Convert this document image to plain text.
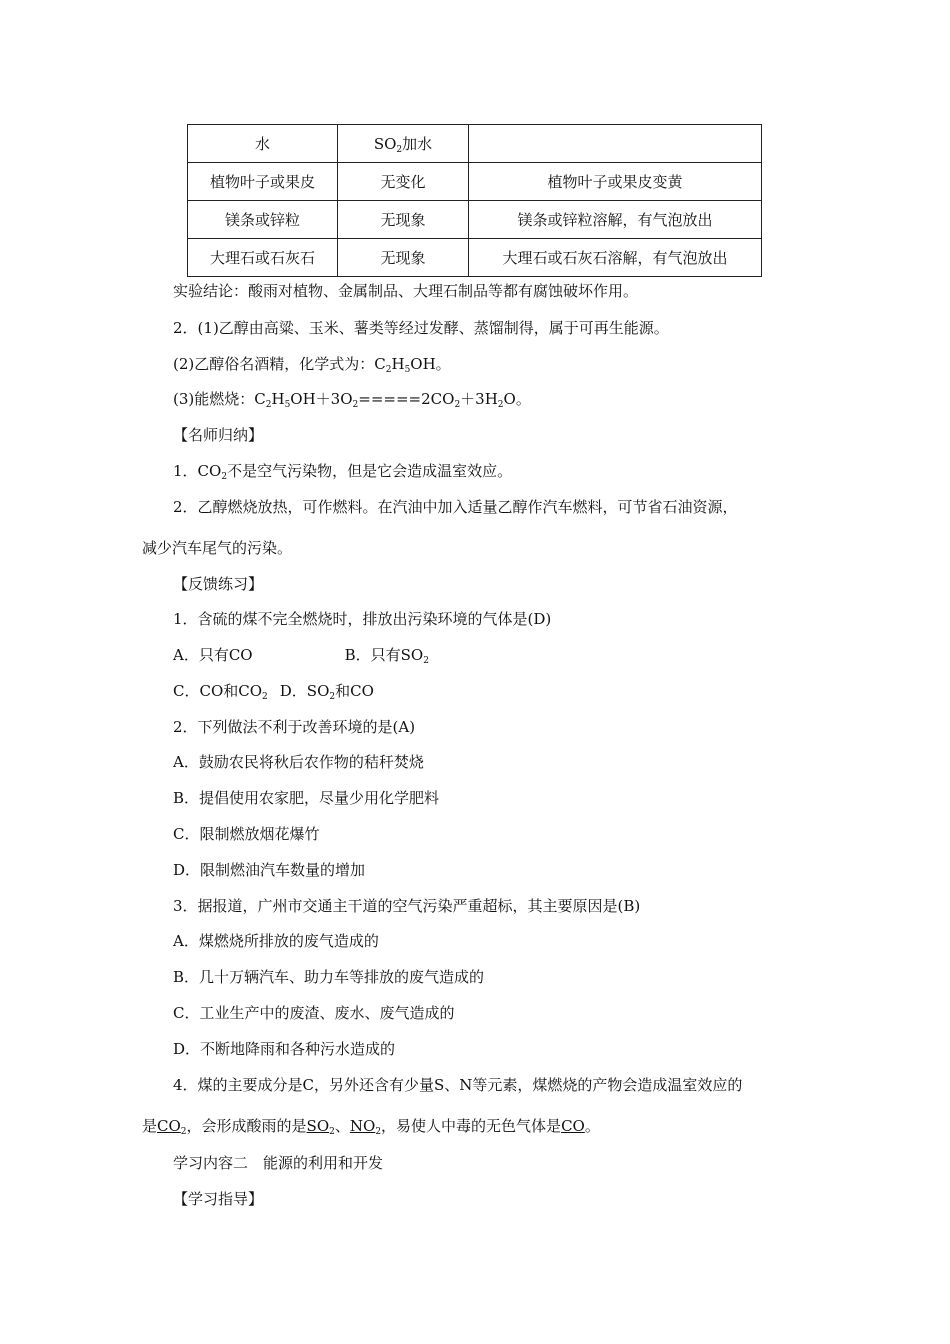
水	$SO_2$加水	
植物叶子或果皮	无变化	植物叶子或果皮变黄
镁条或锌粒	无现象	镁条或锌粒溶解，有气泡放出
大理石或石灰石	无现象	大理石或石灰石溶解，有气泡放出
实验结论：酸雨对植物、金属制品、大理石制品等都有腐蚀破坏作用。
2．(1)乙醇由高粱、玉米、薯类等经过发酵、蒸馏制得，属于可再生能源。
(2)乙醇俗名酒精，化学式为：$C_2H_5OH$。
(3)能燃烧：$C_2H_5OH+3O_2=====2CO_2+3H_2O$。
【名师归纳】
1．$CO_2$不是空气污染物，但是它会造成温室效应。
2．乙醇燃烧放热，可作燃料。在汽油中加入适量乙醇作汽车燃料，可节省石油资源，
减少汽车尾气的污染。
【反馈练习】
1．含硫的煤不完全燃烧时，排放出污染环境的气体是(D)
A．只有CO	B．只有$SO_2$
C．CO和$CO_2$ D．$SO_2$和CO
2．下列做法不利于改善环境的是(A)
A．鼓励农民将秋后农作物的秸秆焚烧
B．提倡使用农家肥，尽量少用化学肥料
C．限制燃放烟花爆竹
D．限制燃油汽车数量的增加
3．据报道，广州市交通主干道的空气污染严重超标，其主要原因是(B)
A．煤燃烧所排放的废气造成的
B．几十万辆汽车、助力车等排放的废气造成的
C．工业生产中的废渣、废水、废气造成的
D．不断地降雨和各种污水造成的
4．煤的主要成分是C，另外还含有少量S、N等元素，煤燃烧的产物会造成温室效应的
是$CO_2$，会形成酸雨的是$SO_2$、$NO_2$，易使人中毒的无色气体是CO。
学习内容二　能源的利用和开发
【学习指导】
